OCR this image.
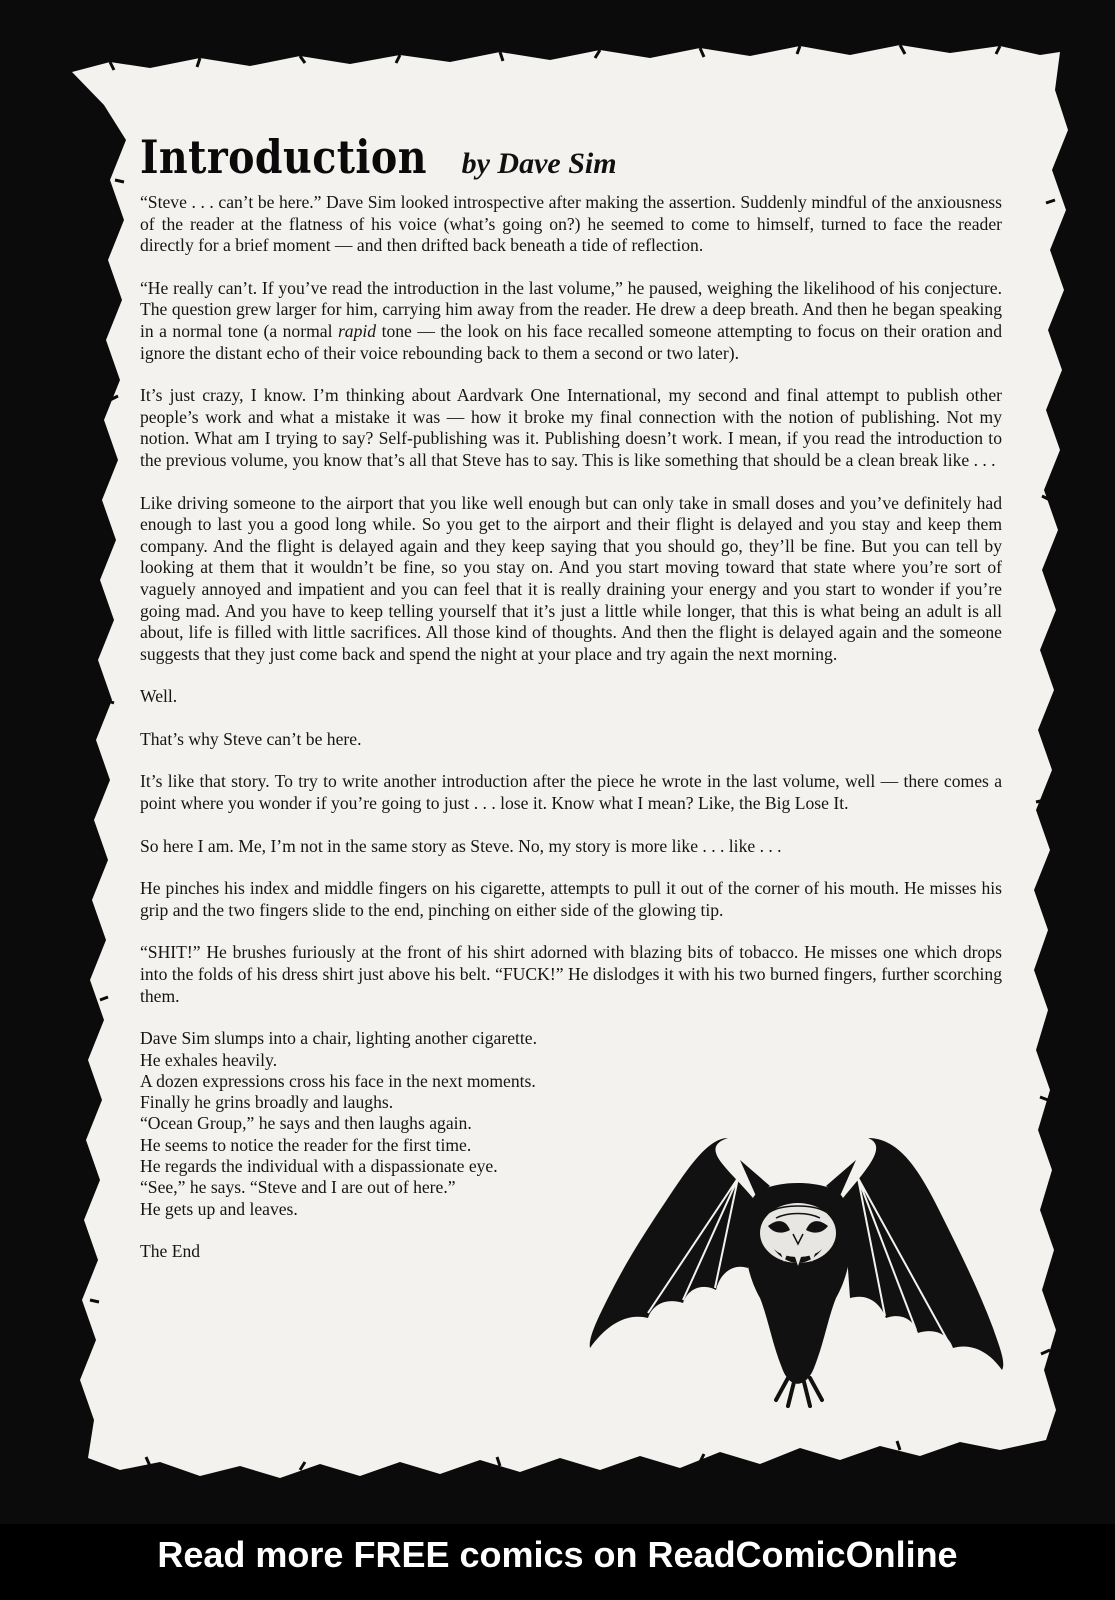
Introduction by Dave Sim

“Steve . . . can’t be here.” Dave Sim looked introspective after making the assertion. Suddenly mindful of the anxiousness of the reader at the flatness of his voice (what’s going on?) he seemed to come to himself, turned to face the reader directly for a brief moment — and then drifted back beneath a tide of reflection.

“He really can’t. If you’ve read the introduction in the last volume,” he paused, weighing the likelihood of his conjecture. The question grew larger for him, carrying him away from the reader. He drew a deep breath. And then he began speaking in a normal tone (a normal rapid tone — the look on his face recalled someone attempting to focus on their oration and ignore the distant echo of their voice rebounding back to them a second or two later).

It’s just crazy, I know. I’m thinking about Aardvark One International, my second and final attempt to publish other people’s work and what a mistake it was — how it broke my final connection with the notion of publishing. Not my notion. What am I trying to say? Self-publishing was it. Publishing doesn’t work. I mean, if you read the introduction to the previous volume, you know that’s all that Steve has to say. This is like something that should be a clean break like . . .

Like driving someone to the airport that you like well enough but can only take in small doses and you’ve definitely had enough to last you a good long while. So you get to the airport and their flight is delayed and you stay and keep them company. And the flight is delayed again and they keep saying that you should go, they’ll be fine. But you can tell by looking at them that it wouldn’t be fine, so you stay on. And you start moving toward that state where you’re sort of vaguely annoyed and impatient and you can feel that it is really draining your energy and you start to wonder if you’re going mad. And you have to keep telling yourself that it’s just a little while longer, that this is what being an adult is all about, life is filled with little sacrifices. All those kind of thoughts. And then the flight is delayed again and the someone suggests that they just come back and spend the night at your place and try again the next morning.

Well.

That’s why Steve can’t be here.

It’s like that story. To try to write another introduction after the piece he wrote in the last volume, well — there comes a point where you wonder if you’re going to just . . . lose it. Know what I mean? Like, the Big Lose It.

So here I am. Me, I’m not in the same story as Steve. No, my story is more like . . . like . . .

He pinches his index and middle fingers on his cigarette, attempts to pull it out of the corner of his mouth. He misses his grip and the two fingers slide to the end, pinching on either side of the glowing tip.

“SHIT!” He brushes furiously at the front of his shirt adorned with blazing bits of tobacco. He misses one which drops into the folds of his dress shirt just above his belt. “FUCK!” He dislodges it with his two burned fingers, further scorching them.

Dave Sim slumps into a chair, lighting another cigarette.
He exhales heavily.
A dozen expressions cross his face in the next moments.
Finally he grins broadly and laughs.
“Ocean Group,” he says and then laughs again.
He seems to notice the reader for the first time.
He regards the individual with a dispassionate eye.
“See,” he says. “Steve and I are out of here.”
He gets up and leaves.
The End
NEOH
Read more FREE comics on ReadComicOnline
